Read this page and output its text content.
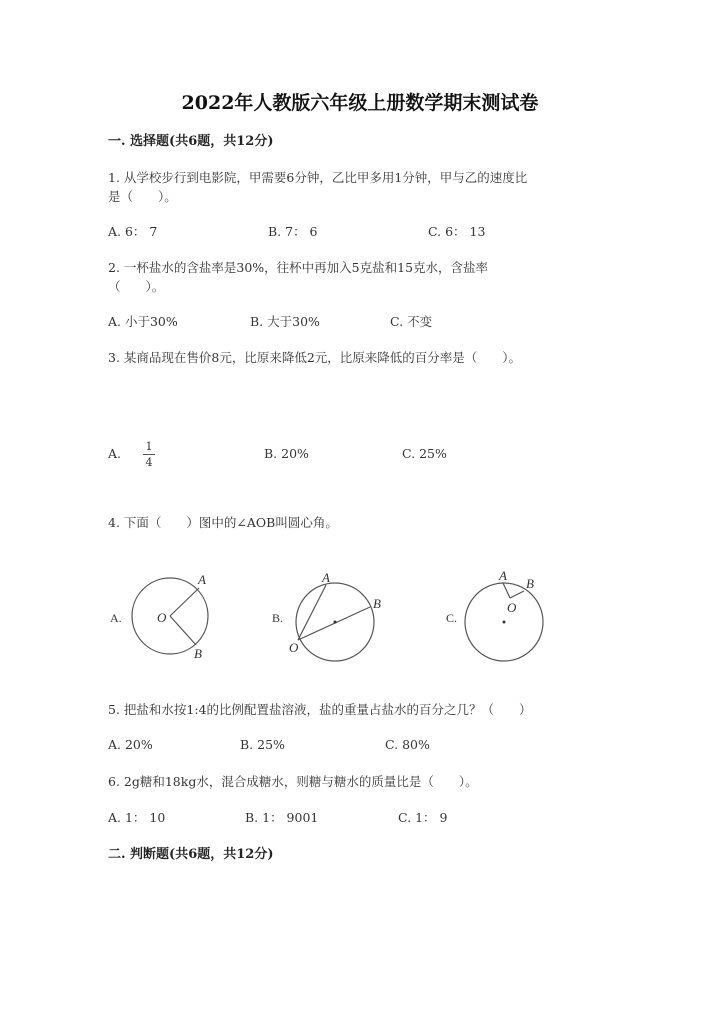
2022年人教版六年级上册数学期末测试卷
一. 选择题(共6题，共12分)
1. 从学校步行到电影院，甲需要6分钟，乙比甲多用1分钟，甲与乙的速度比
是（　　）。
A. 6： 7	B. 7： 6	C. 6： 13
2. 一杯盐水的含盐率是30%，往杯中再加入5克盐和15克水，含盐率
（　　）。
A. 小于30%	B. 大于30%	C. 不变
3. 某商品现在售价8元，比原来降低2元，比原来降低的百分率是（　　）。
A. 1
4
B. 20%	C. 25%
4. 下面（　　）图中的∠AOB叫圆心角。
A.
A
O
B
B.
A
B
O
C.
A
B
O
5. 把盐和水按1:4的比例配置盐溶液，盐的重量占盐水的百分之几？（　　）
A. 20%	B. 25%	C. 80%
6. 2g糖和18kg水，混合成糖水，则糖与糖水的质量比是（　　）。
A. 1： 10	B. 1： 9001	C. 1： 9
二. 判断题(共6题，共12分)
